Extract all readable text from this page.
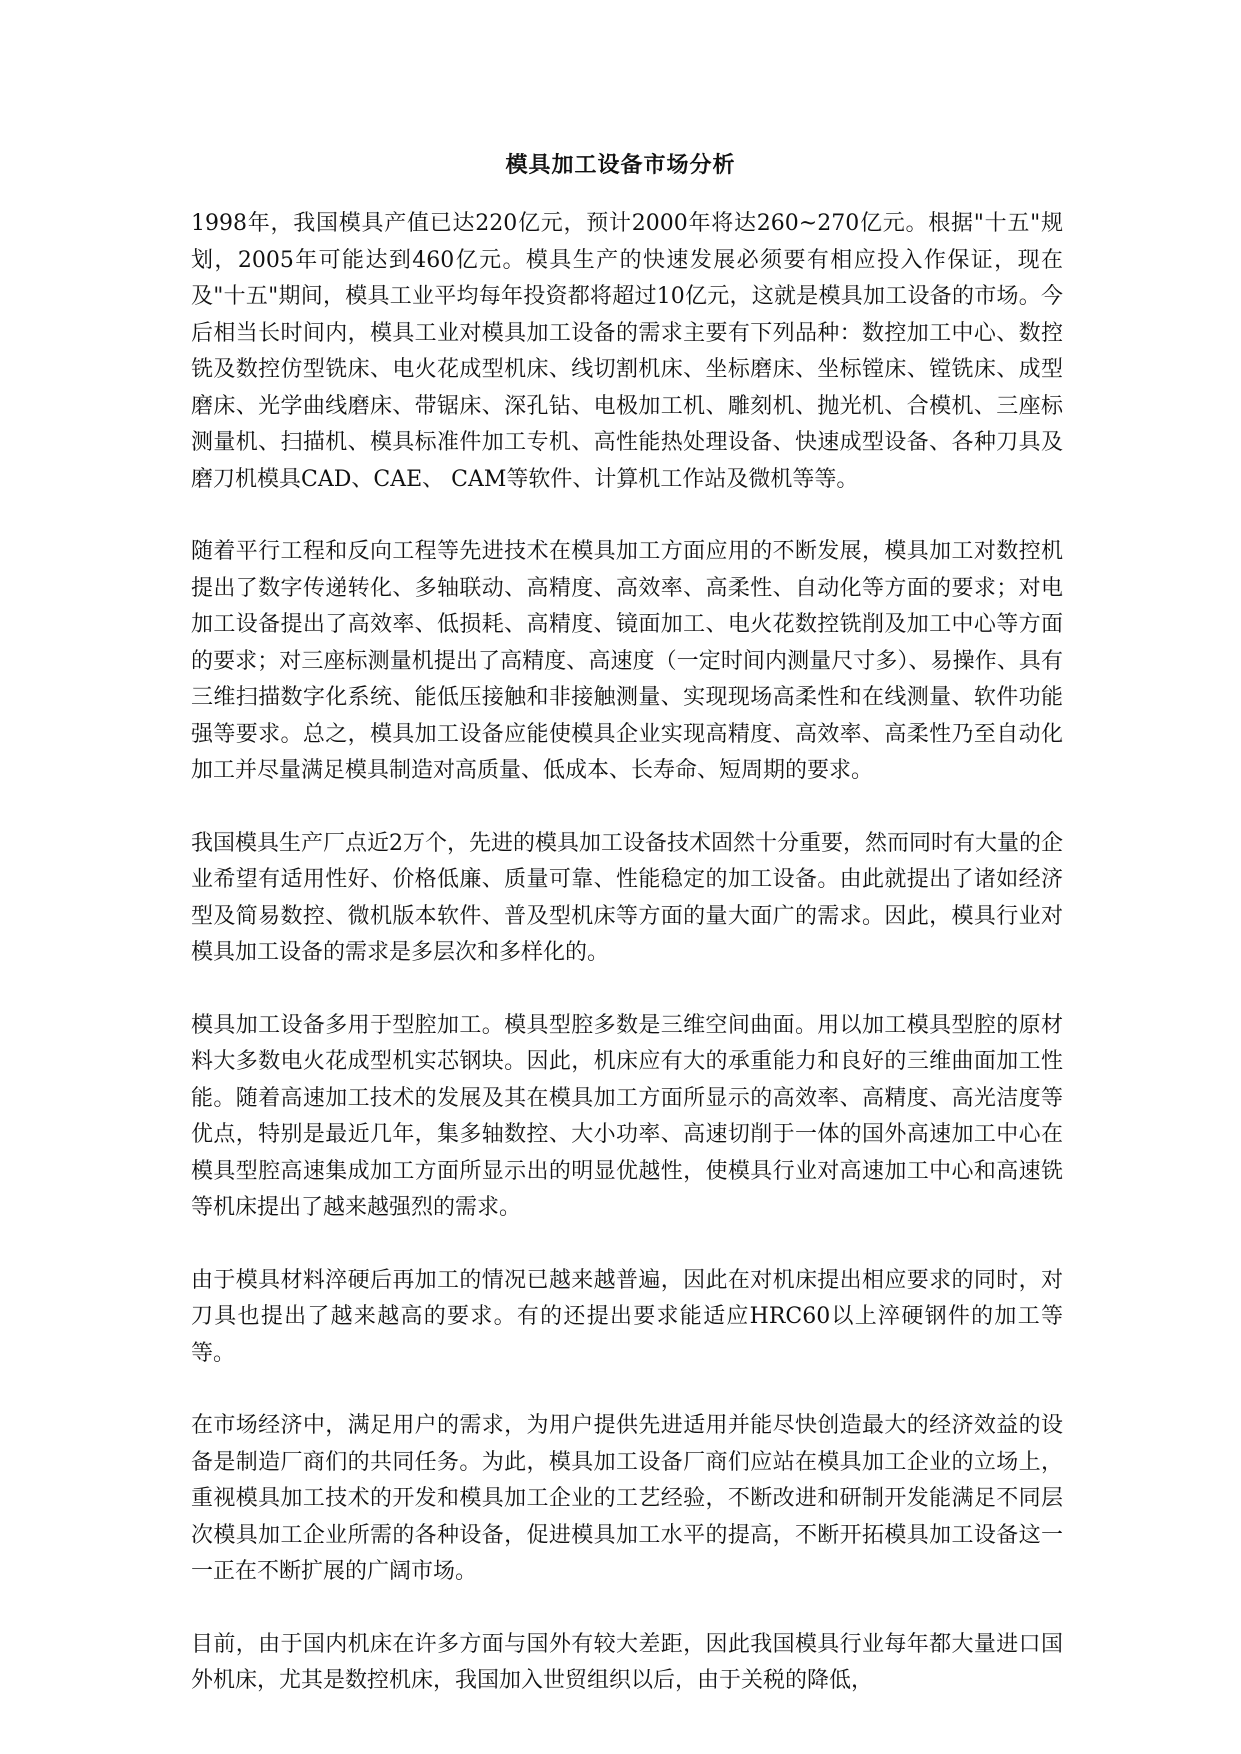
模具加工设备市场分析

1998年，我国模具产值已达220亿元，预计2000年将达260~270亿元。根据"十五"规划，2005年可能达到460亿元。模具生产的快速发展必须要有相应投入作保证，现在及"十五"期间，模具工业平均每年投资都将超过10亿元，这就是模具加工设备的市场。今后相当长时间内，模具工业对模具加工设备的需求主要有下列品种：数控加工中心、数控铣及数控仿型铣床、电火花成型机床、线切割机床、坐标磨床、坐标镗床、镗铣床、成型磨床、光学曲线磨床、带锯床、深孔钻、电极加工机、雕刻机、抛光机、合模机、三座标测量机、扫描机、模具标准件加工专机、高性能热处理设备、快速成型设备、各种刀具及磨刀机模具CAD、CAE、 CAM等软件、计算机工作站及微机等等。

随着平行工程和反向工程等先进技术在模具加工方面应用的不断发展，模具加工对数控机提出了数字传递转化、多轴联动、高精度、高效率、高柔性、自动化等方面的要求；对电加工设备提出了高效率、低损耗、高精度、镜面加工、电火花数控铣削及加工中心等方面的要求；对三座标测量机提出了高精度、高速度（一定时间内测量尺寸多）、易操作、具有三维扫描数字化系统、能低压接触和非接触测量、实现现场高柔性和在线测量、软件功能强等要求。总之，模具加工设备应能使模具企业实现高精度、高效率、高柔性乃至自动化加工并尽量满足模具制造对高质量、低成本、长寿命、短周期的要求。

我国模具生产厂点近2万个，先进的模具加工设备技术固然十分重要，然而同时有大量的企业希望有适用性好、价格低廉、质量可靠、性能稳定的加工设备。由此就提出了诸如经济型及简易数控、微机版本软件、普及型机床等方面的量大面广的需求。因此，模具行业对模具加工设备的需求是多层次和多样化的。

模具加工设备多用于型腔加工。模具型腔多数是三维空间曲面。用以加工模具型腔的原材料大多数电火花成型机实芯钢块。因此，机床应有大的承重能力和良好的三维曲面加工性能。随着高速加工技术的发展及其在模具加工方面所显示的高效率、高精度、高光洁度等优点，特别是最近几年，集多轴数控、大小功率、高速切削于一体的国外高速加工中心在模具型腔高速集成加工方面所显示出的明显优越性，使模具行业对高速加工中心和高速铣等机床提出了越来越强烈的需求。

由于模具材料淬硬后再加工的情况已越来越普遍，因此在对机床提出相应要求的同时，对刀具也提出了越来越高的要求。有的还提出要求能适应HRC60以上淬硬钢件的加工等等。

在市场经济中，满足用户的需求，为用户提供先进适用并能尽快创造最大的经济效益的设备是制造厂商们的共同任务。为此，模具加工设备厂商们应站在模具加工企业的立场上，重视模具加工技术的开发和模具加工企业的工艺经验，不断改进和研制开发能满足不同层次模具加工企业所需的各种设备，促进模具加工水平的提高，不断开拓模具加工设备这一一正在不断扩展的广阔市场。

目前，由于国内机床在许多方面与国外有较大差距，因此我国模具行业每年都大量进口国外机床，尤其是数控机床，我国加入世贸组织以后，由于关税的降低，
